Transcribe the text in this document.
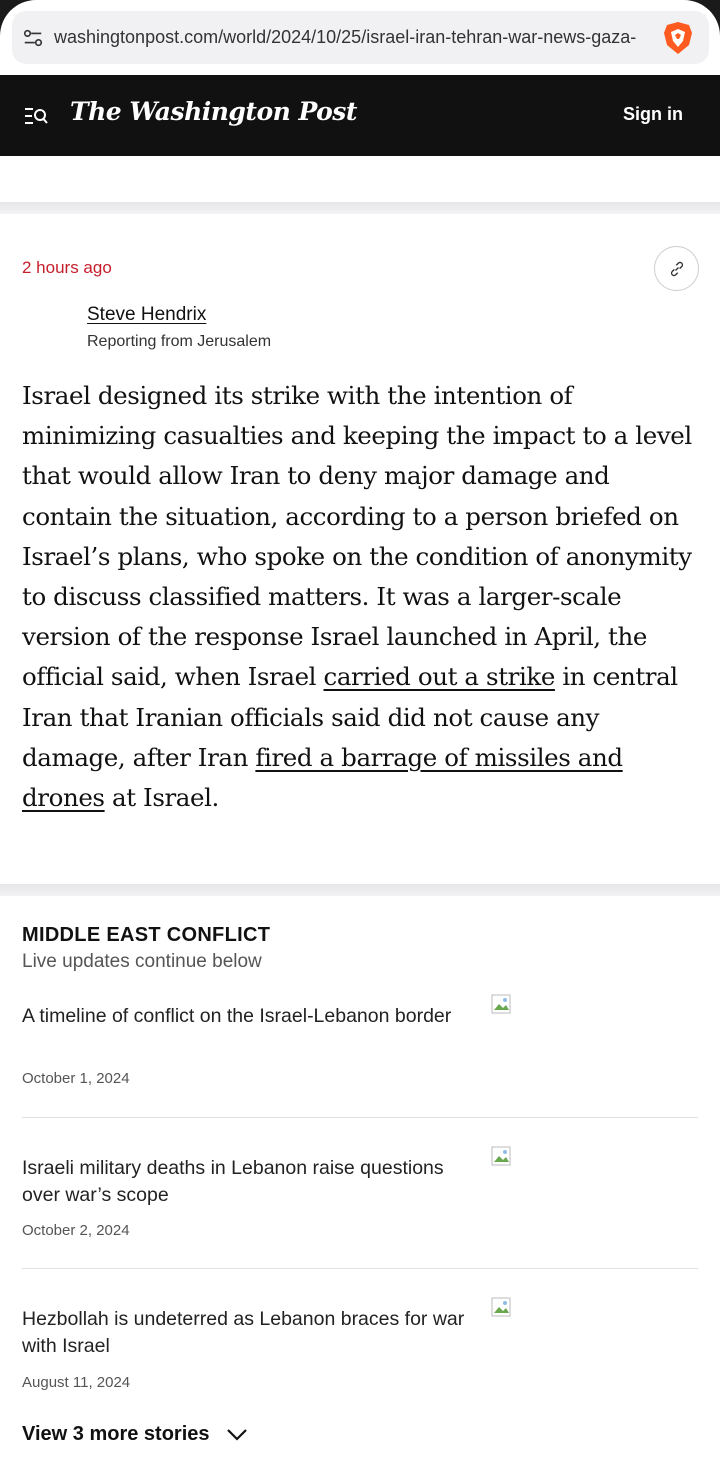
washingtonpost.com/world/2024/10/25/israel-iran-tehran-war-news-gaza-
The Washington Post	Sign in
2 hours ago
Steve Hendrix
Reporting from Jerusalem

Israel designed its strike with the intention of minimizing casualties and keeping the impact to a level that would allow Iran to deny major damage and contain the situation, according to a person briefed on Israel’s plans, who spoke on the condition of anonymity to discuss classified matters. It was a larger-scale version of the response Israel launched in April, the official said, when Israel carried out a strike in central Iran that Iranian officials said did not cause any damage, after Iran fired a barrage of missiles and drones at Israel.

MIDDLE EAST CONFLICT
Live updates continue below
A timeline of conflict on the Israel-Lebanon border
October 1, 2024
Israeli military deaths in Lebanon raise questions over war’s scope
October 2, 2024
Hezbollah is undeterred as Lebanon braces for war with Israel
August 11, 2024
View 3 more stories
